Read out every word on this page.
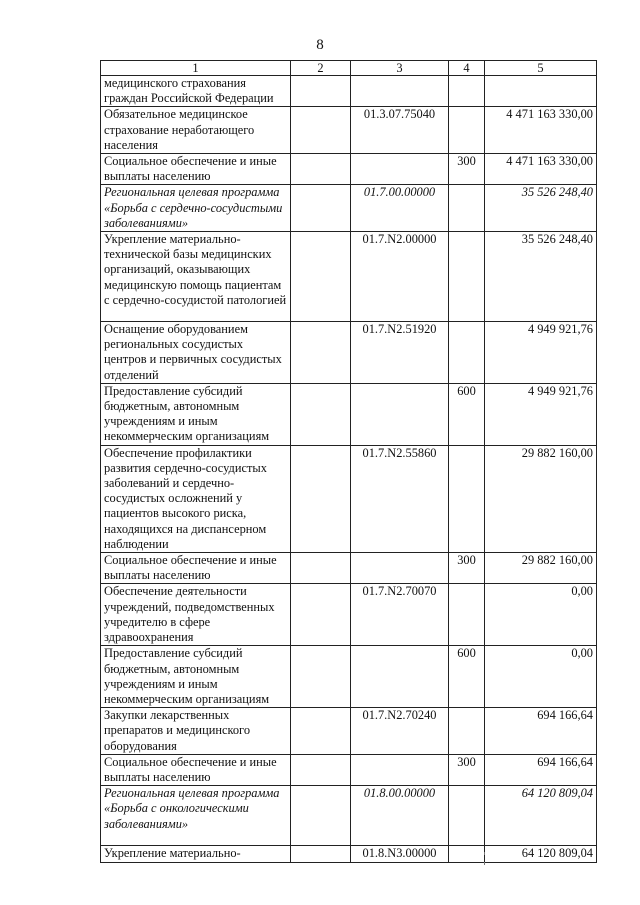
8
1	2	3	4	5
медицинского страхования граждан Российской Федерации				
Обязательное медицинское страхование неработающего населения		01.3.07.75040		4 471 163 330,00
Социальное обеспечение и иные выплаты населению			300	4 471 163 330,00
Региональная целевая программа «Борьба с сердечно-сосудистыми заболеваниями»		01.7.00.00000		35 526 248,40
Укрепление материально-технической базы медицинских организаций, оказывающих медицинскую помощь пациентам с сердечно-сосудистой патологией		01.7.N2.00000		35 526 248,40
Оснащение оборудованием региональных сосудистых центров и первичных сосудистых отделений		01.7.N2.51920		4 949 921,76
Предоставление субсидий бюджетным, автономным учреждениям и иным некоммерческим организациям			600	4 949 921,76
Обеспечение профилактики развития сердечно-сосудистых заболеваний и сердечно-сосудистых осложнений у пациентов высокого риска, находящихся на диспансерном наблюдении		01.7.N2.55860		29 882 160,00
Социальное обеспечение и иные выплаты населению			300	29 882 160,00
Обеспечение деятельности учреждений, подведомственных учредителю в сфере здравоохранения		01.7.N2.70070		0,00
Предоставление субсидий бюджетным, автономным учреждениям и иным некоммерческим организациям			600	0,00
Закупки лекарственных препаратов и медицинского оборудования		01.7.N2.70240		694 166,64
Социальное обеспечение и иные выплаты населению			300	694 166,64
Региональная целевая программа «Борьба с онкологическими заболеваниями»		01.8.00.00000		64 120 809,04
Укрепление материально-		01.8.N3.00000		64 120 809,04
